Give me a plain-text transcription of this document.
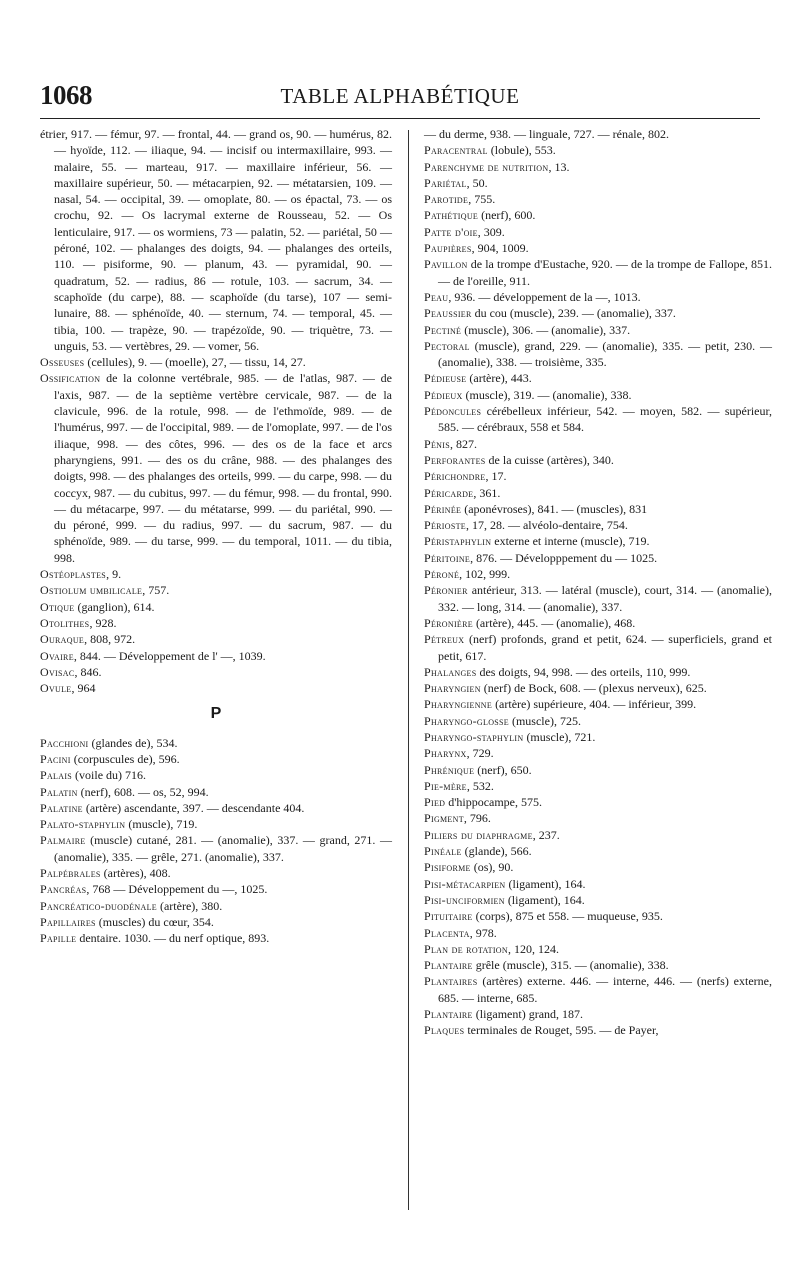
1068	TABLE ALPHABÉTIQUE

étrier, 917. — fémur, 97. — frontal, 44. — grand os, 90. — humérus, 82. — hyoïde, 112. — iliaque, 94. — incisif ou intermaxillaire, 993. — malaire, 55. — marteau, 917. — maxillaire inférieur, 56. — maxillaire supérieur, 50. — métacarpien, 92. — métatarsien, 109. — nasal, 54. — occipital, 39. — omoplate, 80. — os épactal, 73. — os crochu, 92. — Os lacrymal externe de Rousseau, 52. — Os lenticulaire, 917. — os wormiens, 73 — palatin, 52. — pariétal, 50 — péroné, 102. — phalanges des doigts, 94. — phalanges des orteils, 110. — pisiforme, 90. — planum, 43. — pyramidal, 90. — quadratum, 52. — radius, 86 — rotule, 103. — sacrum, 34. — scaphoïde (du carpe), 88. — scaphoïde (du tarse), 107 — semi-lunaire, 88. — sphénoïde, 40. — sternum, 74. — temporal, 45. — tibia, 100. — trapèze, 90. — trapézoïde, 90. — triquètre, 73. — unguis, 53. — vertèbres, 29. — vomer, 56.

Osseuses (cellules), 9. — (moelle), 27, — tissu, 14, 27.

Ossification de la colonne vertébrale, 985. — de l'atlas, 987. — de l'axis, 987. — de la septième vertèbre cervicale, 987. — de la clavicule, 996. de la rotule, 998. — de l'ethmoïde, 989. — de l'humérus, 997. — de l'occipital, 989. — de l'omoplate, 997. — de l'os iliaque, 998. — des côtes, 996. — des os de la face et arcs pharyngiens, 991. — des os du crâne, 988. — des phalanges des doigts, 998. — des phalanges des orteils, 999. — du carpe, 998. — du coccyx, 987. — du cubitus, 997. — du fémur, 998. — du frontal, 990. — du métacarpe, 997. — du métatarse, 999. — du pariétal, 990. — du péroné, 999. — du radius, 997. — du sacrum, 987. — du sphénoïde, 989. — du tarse, 999. — du temporal, 1011. — du tibia, 998.

Ostéoplastes, 9.

Ostiolum umbilicale, 757.

Otique (ganglion), 614.

Otolithes, 928.

Ouraque, 808, 972.

Ovaire, 844. — Développement de l' —, 1039.

Ovisac, 846.

Ovule, 964

P

Pacchioni (glandes de), 534.

Pacini (corpuscules de), 596.

Palais (voile du) 716.

Palatin (nerf), 608. — os, 52, 994.

Palatine (artère) ascendante, 397. — descendante 404.

Palato-staphylin (muscle), 719.

Palmaire (muscle) cutané, 281. — (anomalie), 337. — grand, 271. — (anomalie), 335. — grêle, 271. (anomalie), 337.

Palpébrales (artères), 408.

Pancréas, 768 — Développement du —, 1025.

Pancréatico-duodénale (artère), 380.

Papillaires (muscles) du cœur, 354.

Papille dentaire. 1030. — du nerf optique, 893.

— du derme, 938. — linguale, 727. — rénale, 802.

Paracentral (lobule), 553.

Parenchyme de nutrition, 13.

Pariétal, 50.

Parotide, 755.

Pathétique (nerf), 600.

Patte d'oie, 309.

Paupières, 904, 1009.

Pavillon de la trompe d'Eustache, 920. — de la trompe de Fallope, 851. — de l'oreille, 911.

Peau, 936. — développement de la —, 1013.

Peaussier du cou (muscle), 239. — (anomalie), 337.

Pectiné (muscle), 306. — (anomalie), 337.

Pectoral (muscle), grand, 229. — (anomalie), 335. — petit, 230. — (anomalie), 338. — troisième, 335.

Pédieuse (artère), 443.

Pédieux (muscle), 319. — (anomalie), 338.

Pédoncules cérébelleux inférieur, 542. — moyen, 582. — supérieur, 585. — cérébraux, 558 et 584.

Pénis, 827.

Perforantes de la cuisse (artères), 340.

Périchondre, 17.

Péricarde, 361.

Périnée (aponévroses), 841. — (muscles), 831

Périoste, 17, 28. — alvéolo-dentaire, 754.

Péristaphylin externe et interne (muscle), 719.

Péritoine, 876. — Développpement du — 1025.

Péroné, 102, 999.

Péronier antérieur, 313. — latéral (muscle), court, 314. — (anomalie), 332. — long, 314. — (anomalie), 337.

Péronière (artère), 445. — (anomalie), 468.

Pétreux (nerf) profonds, grand et petit, 624. — superficiels, grand et petit, 617.

Phalanges des doigts, 94, 998. — des orteils, 110, 999.

Pharyngien (nerf) de Bock, 608. — (plexus nerveux), 625.

Pharyngienne (artère) supérieure, 404. — inférieur, 399.

Pharyngo-glosse (muscle), 725.

Pharyngo-staphylin (muscle), 721.

Pharynx, 729.

Phrénique (nerf), 650.

Pie-mère, 532.

Pied d'hippocampe, 575.

Pigment, 796.

Piliers du diaphragme, 237.

Pinéale (glande), 566.

Pisiforme (os), 90.

Pisi-métacarpien (ligament), 164.

Pisi-unciformien (ligament), 164.

Pituitaire (corps), 875 et 558. — muqueuse, 935.

Placenta, 978.

Plan de rotation, 120, 124.

Plantaire grêle (muscle), 315. — (anomalie), 338.

Plantaires (artères) externe. 446. — interne, 446. — (nerfs) externe, 685. — interne, 685.

Plantaire (ligament) grand, 187.

Plaques terminales de Rouget, 595. — de Payer,
